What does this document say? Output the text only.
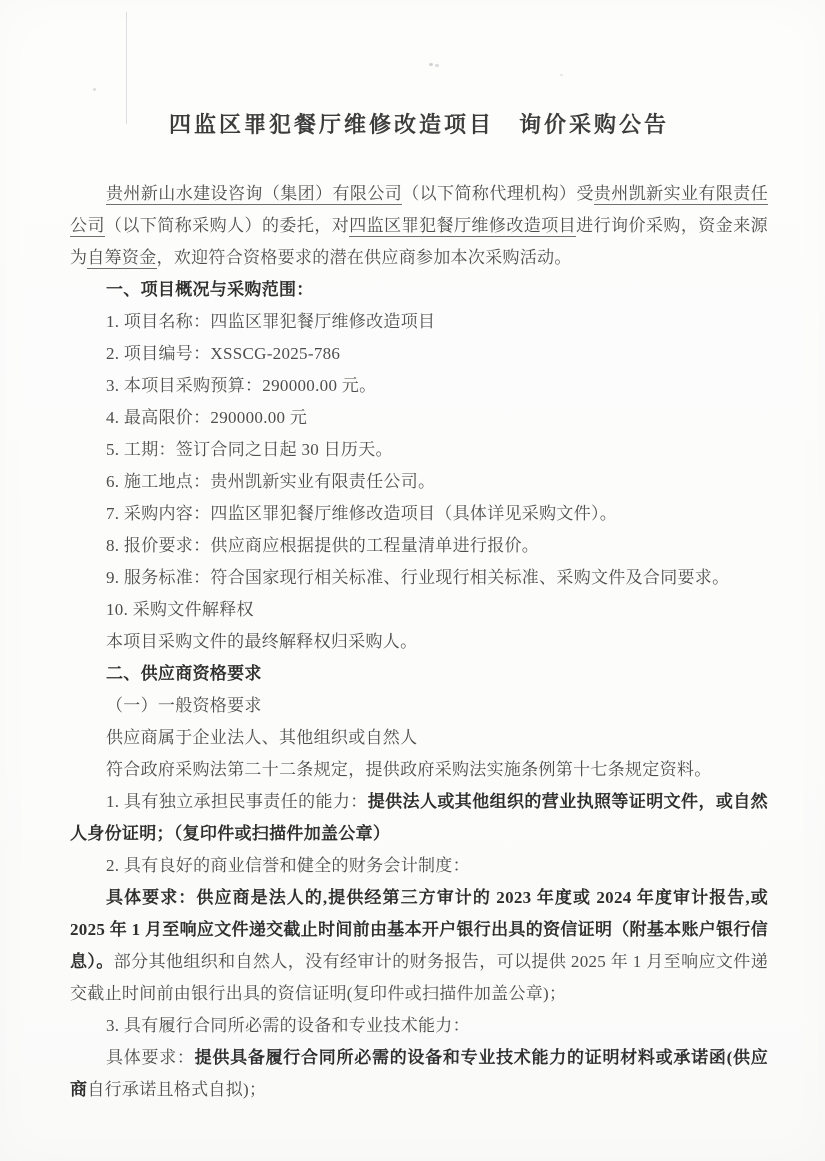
四监区罪犯餐厅维修改造项目　询价采购公告

贵州新山水建设咨询（集团）有限公司（以下简称代理机构）受贵州凯新实业有限责任公司（以下简称采购人）的委托，对四监区罪犯餐厅维修改造项目进行询价采购，资金来源为自筹资金，欢迎符合资格要求的潜在供应商参加本次采购活动。

一、项目概况与采购范围：

1. 项目名称：四监区罪犯餐厅维修改造项目

2. 项目编号：XSSCG-2025-786

3. 本项目采购预算：290000.00 元。

4. 最高限价：290000.00 元

5. 工期：签订合同之日起 30 日历天。

6. 施工地点：贵州凯新实业有限责任公司。

7. 采购内容：四监区罪犯餐厅维修改造项目（具体详见采购文件）。

8. 报价要求：供应商应根据提供的工程量清单进行报价。

9. 服务标准：符合国家现行相关标准、行业现行相关标准、采购文件及合同要求。

10. 采购文件解释权

本项目采购文件的最终解释权归采购人。

二、供应商资格要求

（一）一般资格要求

供应商属于企业法人、其他组织或自然人

符合政府采购法第二十二条规定，提供政府采购法实施条例第十七条规定资料。

1. 具有独立承担民事责任的能力：提供法人或其他组织的营业执照等证明文件，或自然人身份证明；（复印件或扫描件加盖公章）

2. 具有良好的商业信誉和健全的财务会计制度：

具体要求：供应商是法人的,提供经第三方审计的 2023 年度或 2024 年度审计报告,或 2025 年 1 月至响应文件递交截止时间前由基本开户银行出具的资信证明（附基本账户银行信息）。部分其他组织和自然人，没有经审计的财务报告，可以提供 2025 年 1 月至响应文件递交截止时间前由银行出具的资信证明(复印件或扫描件加盖公章)；

3. 具有履行合同所必需的设备和专业技术能力：

具体要求：提供具备履行合同所必需的设备和专业技术能力的证明材料或承诺函(供应商自行承诺且格式自拟)；
